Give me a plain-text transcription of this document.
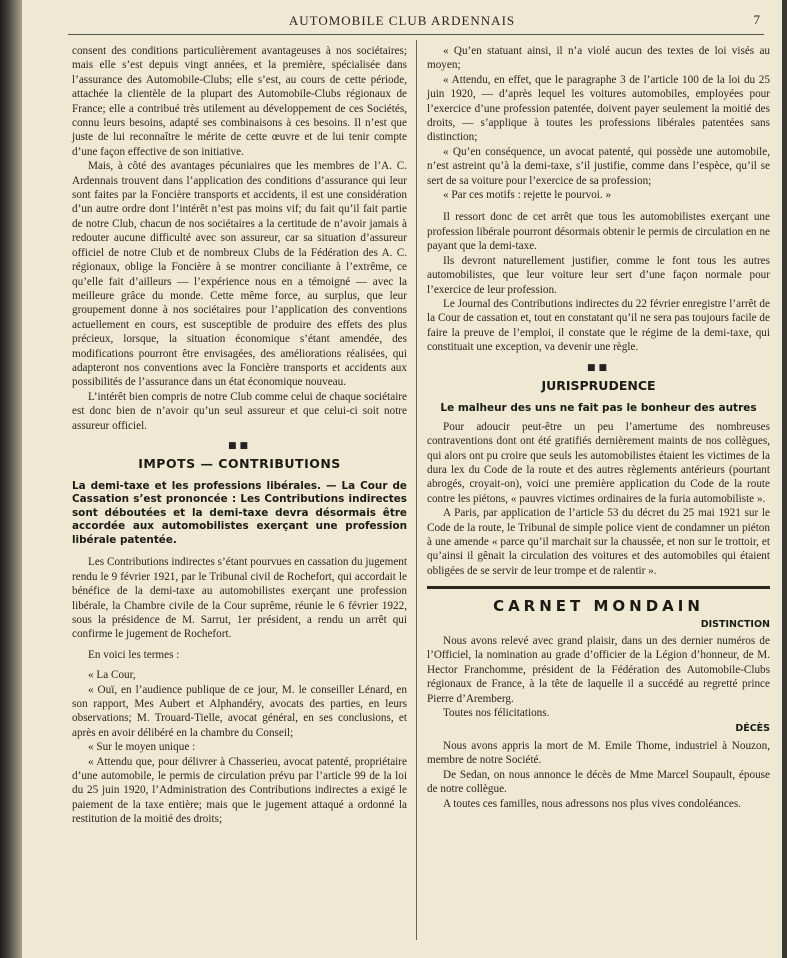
AUTOMOBILE CLUB ARDENNAIS	7

consent des conditions particulièrement avantageuses à nos sociétaires; mais elle s’est depuis vingt années, et la première, spécialisée dans l’assurance des Automobile-Clubs; elle s’est, au cours de cette période, attachée la clientèle de la plupart des Automobile-Clubs régionaux de France; elle a contribué très utilement au développement de ces Sociétés, connu leurs besoins, adapté ses combinaisons à ces besoins. Il n’est que juste de lui reconnaître le mérite de cette œuvre et de lui tenir compte d’une façon effective de son initiative.

Mais, à côté des avantages pécuniaires que les membres de l’A. C. Ardennais trouvent dans l’application des conditions d’assurance qui leur sont faites par la Foncière transports et accidents, il est une considération d’un autre ordre dont l’intérêt n’est pas moins vif; du fait qu’il fait partie de notre Club, chacun de nos sociétaires a la certitude de n’avoir jamais à redouter aucune difficulté avec son assureur, car sa situation d’assureur officiel de notre Club et de nombreux Clubs de la Fédération des A. C. régionaux, oblige la Foncière à se montrer conciliante à l’extrême, ce qu’elle fait d’ailleurs — l’expérience nous en a témoigné — avec la meilleure grâce du monde. Cette même force, au surplus, que leur groupement donne à nos sociétaires pour l’application des conventions actuellement en cours, est susceptible de produire des effets des plus précieux, lorsque, la situation économique s’étant amendée, des modifications pourront être envisagées, des améliorations réalisées, qui adapteront nos conventions avec la Foncière transports et accidents aux possibilités de l’assurance dans un état économique nouveau.

L’intérêt bien compris de notre Club comme celui de chaque sociétaire est donc bien de n’avoir qu’un seul assureur et que celui-ci soit notre assureur officiel.

■■
IMPOTS — CONTRIBUTIONS

La demi-taxe et les professions libérales. — La Cour de Cassation s’est prononcée : Les Contributions indirectes sont déboutées et la demi-taxe devra désormais être accordée aux automobilistes exerçant une profession libérale patentée.

Les Contributions indirectes s’étant pourvues en cassation du jugement rendu le 9 février 1921, par le Tribunal civil de Rochefort, qui accordait le bénéfice de la demi-taxe au automobilistes exerçant une profession libérale, la Chambre civile de la Cour suprême, réunie le 6 février 1922, sous la présidence de M. Sarrut, 1er président, a rendu un arrêt qui confirme le jugement de Rochefort.

En voici les termes :

« La Cour,

« Ouï, en l’audience publique de ce jour, M. le conseiller Lénard, en son rapport, Mes Aubert et Alphandéry, avocats des parties, en leurs observations; M. Trouard-Tielle, avocat général, en ses conclusions, et après en avoir délibéré en la chambre du Conseil;

« Sur le moyen unique :

« Attendu que, pour délivrer à Chasserieu, avocat patenté, propriétaire d’une automobile, le permis de circulation prévu par l’article 99 de la loi du 25 juin 1920, l’Administration des Contributions indirectes a exigé le paiement de la taxe entière; mais que le jugement attaqué a ordonné la restitution de la moitié des droits;

« Qu’en statuant ainsi, il n’a violé aucun des textes de loi visés au moyen;

« Attendu, en effet, que le paragraphe 3 de l’article 100 de la loi du 25 juin 1920, — d’après lequel les voitures automobiles, employées pour l’exercice d’une profession patentée, doivent payer seulement la moitié des droits, — s’applique à toutes les professions libérales patentées sans distinction;

« Qu’en conséquence, un avocat patenté, qui possède une automobile, n’est astreint qu’à la demi-taxe, s’il justifie, comme dans l’espèce, qu’il se sert de sa voiture pour l’exercice de sa profession;

« Par ces motifs : rejette le pourvoi. »

Il ressort donc de cet arrêt que tous les automobilistes exerçant une profession libérale pourront désormais obtenir le permis de circulation en ne payant que la demi-taxe.

Ils devront naturellement justifier, comme le font tous les autres automobilistes, que leur voiture leur sert d’une façon normale pour l’exercice de leur profession.

Le Journal des Contributions indirectes du 22 février enregistre l’arrêt de la Cour de cassation et, tout en constatant qu’il ne sera pas toujours facile de faire la preuve de l’emploi, il constate que le régime de la demi-taxe, qui constituait une exception, va devenir une règle.

■■
JURISPRUDENCE
Le malheur des uns ne fait pas le bonheur des autres

Pour adoucir peut-être un peu l’amertume des nombreuses contraventions dont ont été gratifiés dernièrement maints de nos collègues, qui alors ont pu croire que seuls les automobilistes étaient les victimes de la dura lex du Code de la route et des autres règlements antérieurs (pourtant abrogés, croyait-on), voici une première application du Code de la route contre les piétons, « pauvres victimes ordinaires de la furia automobiliste ».

A Paris, par application de l’article 53 du décret du 25 mai 1921 sur le Code de la route, le Tribunal de simple police vient de condamner un piéton à une amende « parce qu’il marchait sur la chaussée, et non sur le trottoir, et qu’ainsi il gênait la circulation des voitures et des automobiles qui étaient obligées de se servir de leur trompe et de ralentir ».

CARNET MONDAIN
DISTINCTION

Nous avons relevé avec grand plaisir, dans un des dernier numéros de l’Officiel, la nomination au grade d’officier de la Légion d’honneur, de M. Hector Franchomme, président de la Fédération des Automobile-Clubs régionaux de France, à la tête de laquelle il a succédé au regretté prince Pierre d’Aremberg.

Toutes nos félicitations.

DÉCÈS

Nous avons appris la mort de M. Emile Thome, industriel à Nouzon, membre de notre Société.

De Sedan, on nous annonce le décès de Mme Marcel Soupault, épouse de notre collègue.

A toutes ces familles, nous adressons nos plus vives condoléances.
